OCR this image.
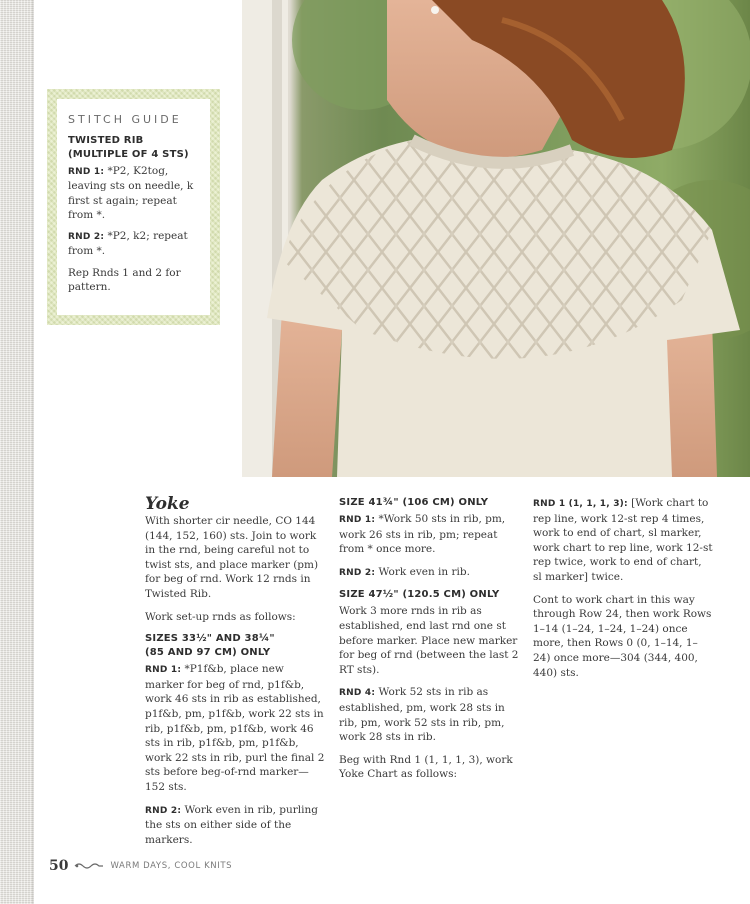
STITCH GUIDE
TWISTED RIB
(MULTIPLE OF 4 STS)

RND 1: *P2, K2tog, leaving sts on needle, k first st again; repeat from *.

RND 2: *P2, k2; repeat from *.

Rep Rnds 1 and 2 for pattern.

Yoke

With shorter cir needle, CO 144 (144, 152, 160) sts. Join to work in the rnd, being careful not to twist sts, and place marker (pm) for beg of rnd. Work 12 rnds in Twisted Rib.

Work set-up rnds as follows:

SIZES 33½" AND 38¼"
(85 AND 97 CM) ONLY

RND 1: *P1f&b, place new marker for beg of rnd, p1f&b, work 46 sts in rib as established, p1f&b, pm, p1f&b, work 22 sts in rib, p1f&b, pm, p1f&b, work 46 sts in rib, p1f&b, pm, p1f&b, work 22 sts in rib, purl the final 2 sts before beg-of-rnd marker—152 sts.

RND 2: Work even in rib, purling the sts on either side of the markers.

SIZE 41¾" (106 CM) ONLY

RND 1: *Work 50 sts in rib, pm, work 26 sts in rib, pm; repeat from * once more.

RND 2: Work even in rib.

SIZE 47½" (120.5 CM) ONLY

Work 3 more rnds in rib as established, end last rnd one st before marker. Place new marker for beg of rnd (between the last 2 RT sts).

RND 4: Work 52 sts in rib as established, pm, work 28 sts in rib, pm, work 52 sts in rib, pm, work 28 sts in rib.

Beg with Rnd 1 (1, 1, 1, 3), work Yoke Chart as follows:

RND 1 (1, 1, 1, 3): [Work chart to rep line, work 12-st rep 4 times, work to end of chart, sl marker, work chart to rep line, work 12-st rep twice, work to end of chart, sl marker] twice.

Cont to work chart in this way through Row 24, then work Rows 1–14 (1–24, 1–24, 1–24) once more, then Rows 0 (0, 1–14, 1–24) once more—304 (344, 400, 440) sts.

50	WARM DAYS, COOL KNITS
